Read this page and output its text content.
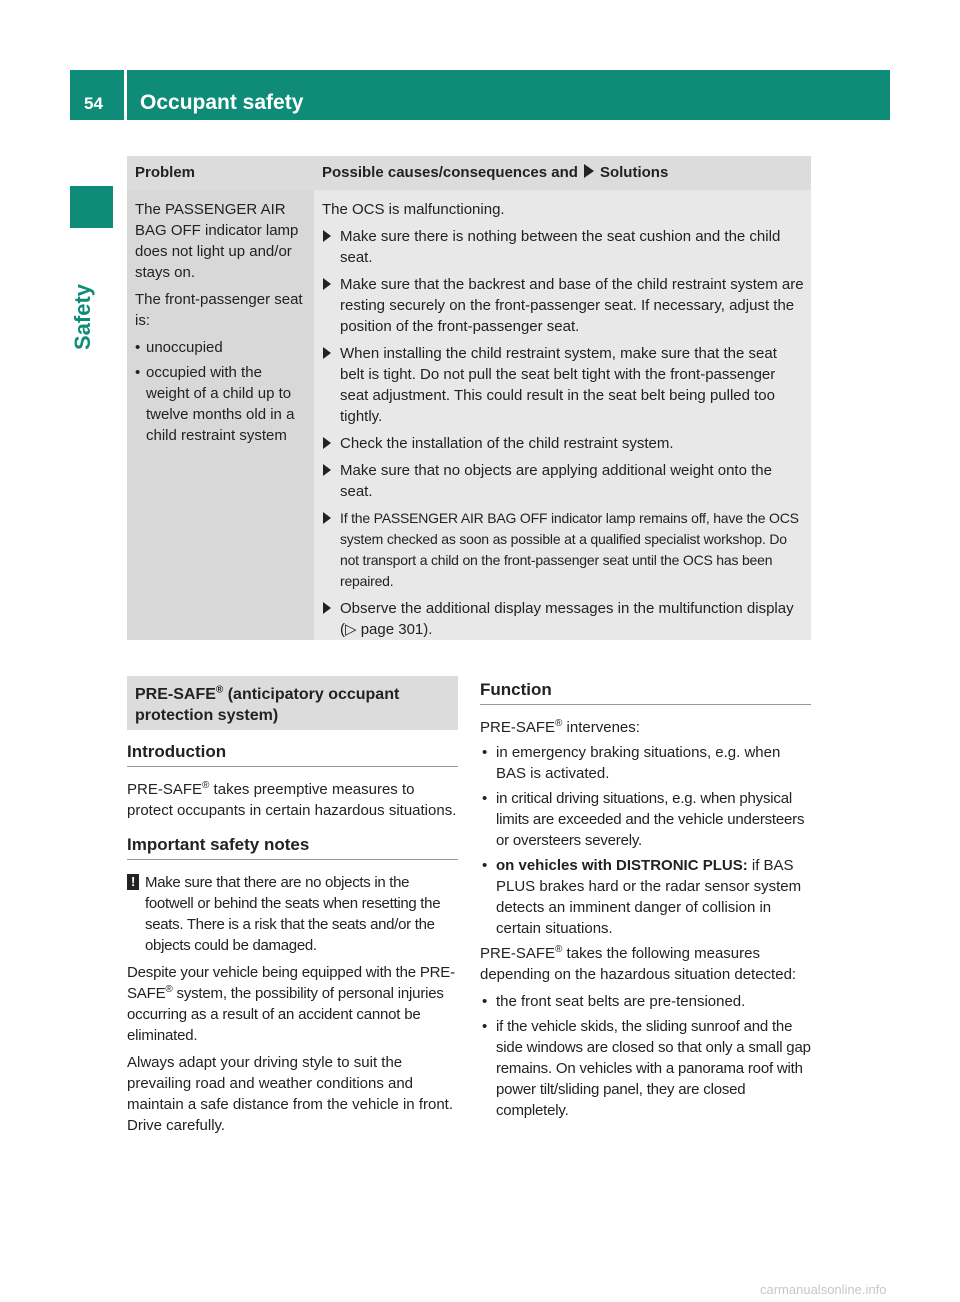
54 Occupant safety
Safety
Problem	Possible causes/consequences and Solutions

The PASSENGER AIR BAG OFF indicator lamp does not light up and/or stays on.

The front-passenger seat is:

• unoccupied
• occupied with the weight of a child up to twelve months old in a child restraint system

The OCS is malfunctioning.

Make sure there is nothing between the seat cushion and the child seat.
Make sure that the backrest and base of the child restraint system are resting securely on the front-passenger seat. If necessary, adjust the position of the front-passenger seat.
When installing the child restraint system, make sure that the seat belt is tight. Do not pull the seat belt tight with the front-passenger seat adjustment. This could result in the seat belt being pulled too tightly.
Check the installation of the child restraint system.
Make sure that no objects are applying additional weight onto the seat.
If the PASSENGER AIR BAG OFF indicator lamp remains off, have the OCS system checked as soon as possible at a qualified specialist workshop. Do not transport a child on the front-passenger seat until the OCS has been repaired.
Observe the additional display messages in the multifunction display (▷ page 301).
PRE-SAFE® (anticipatory occupant protection system)
Introduction

PRE-SAFE® takes preemptive measures to protect occupants in certain hazardous situations.

Important safety notes
! Make sure that there are no objects in the footwell or behind the seats when resetting the seats. There is a risk that the seats and/or the objects could be damaged.

Despite your vehicle being equipped with the PRE-SAFE® system, the possibility of personal injuries occurring as a result of an accident cannot be eliminated.

Always adapt your driving style to suit the prevailing road and weather conditions and maintain a safe distance from the vehicle in front. Drive carefully.

Function

PRE-SAFE® intervenes:

• in emergency braking situations, e.g. when BAS is activated.
• in critical driving situations, e.g. when physical limits are exceeded and the vehicle understeers or oversteers severely.
• on vehicles with DISTRONIC PLUS: if BAS PLUS brakes hard or the radar sensor system detects an imminent danger of collision in certain situations.

PRE-SAFE® takes the following measures depending on the hazardous situation detected:

• the front seat belts are pre-tensioned.
• if the vehicle skids, the sliding sunroof and the side windows are closed so that only a small gap remains. On vehicles with a panorama roof with power tilt/sliding panel, they are closed completely.
carmanualsonline.info
